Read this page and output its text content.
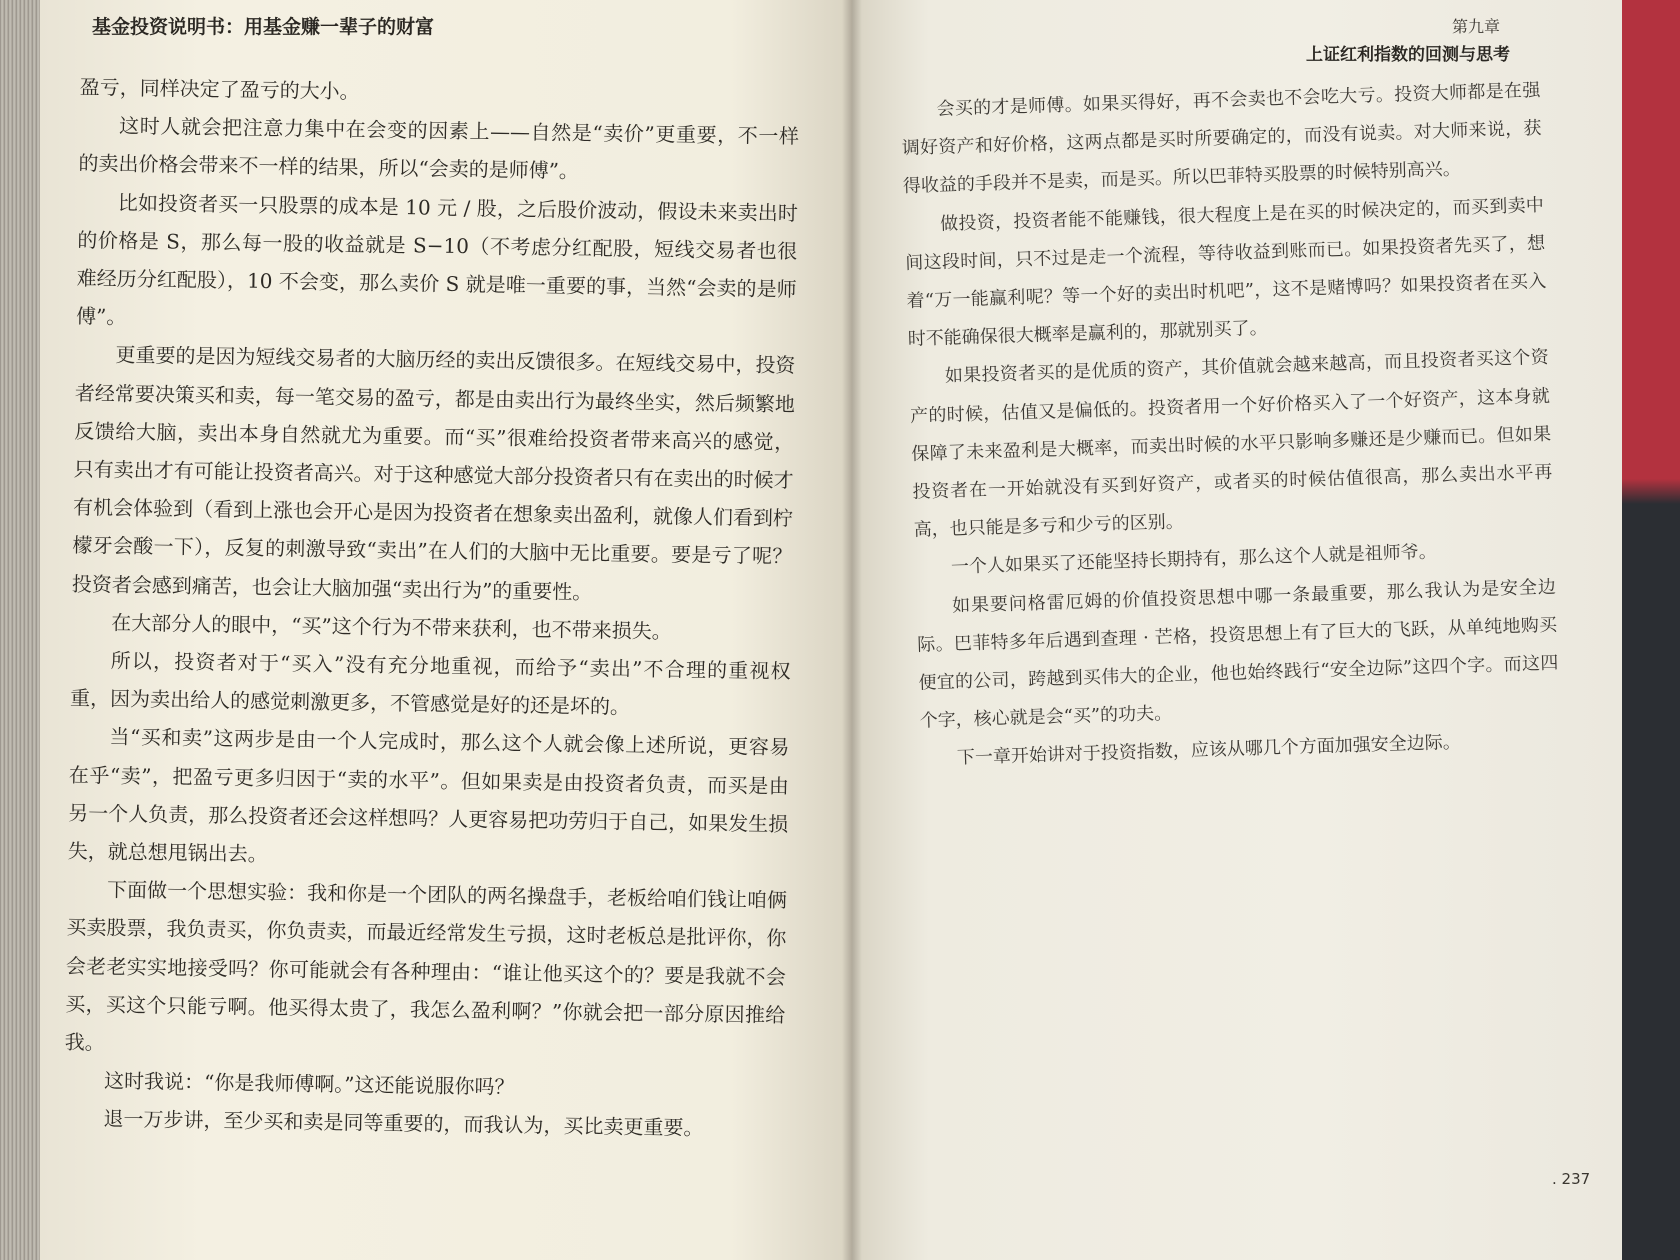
基金投资说明书：用基金赚一辈子的财富	第九章
上证红利指数的回测与思考

盈亏，同样决定了盈亏的大小。

这时人就会把注意力集中在会变的因素上——自然是“卖价”更重要，不一样的卖出价格会带来不一样的结果，所以“会卖的是师傅”。

比如投资者买一只股票的成本是 10 元 / 股，之后股价波动，假设未来卖出时的价格是 S，那么每一股的收益就是 S−10（不考虑分红配股，短线交易者也很难经历分红配股），10 不会变，那么卖价 S 就是唯一重要的事，当然“会卖的是师傅”。

更重要的是因为短线交易者的大脑历经的卖出反馈很多。在短线交易中，投资者经常要决策买和卖，每一笔交易的盈亏，都是由卖出行为最终坐实，然后频繁地反馈给大脑，卖出本身自然就尤为重要。而“买”很难给投资者带来高兴的感觉，只有卖出才有可能让投资者高兴。对于这种感觉大部分投资者只有在卖出的时候才有机会体验到（看到上涨也会开心是因为投资者在想象卖出盈利，就像人们看到柠檬牙会酸一下），反复的刺激导致“卖出”在人们的大脑中无比重要。要是亏了呢？投资者会感到痛苦，也会让大脑加强“卖出行为”的重要性。

在大部分人的眼中，“买”这个行为不带来获利，也不带来损失。

所以，投资者对于“买入”没有充分地重视，而给予“卖出”不合理的重视权重，因为卖出给人的感觉刺激更多，不管感觉是好的还是坏的。

当“买和卖”这两步是由一个人完成时，那么这个人就会像上述所说，更容易在乎“卖”，把盈亏更多归因于“卖的水平”。但如果卖是由投资者负责，而买是由另一个人负责，那么投资者还会这样想吗？人更容易把功劳归于自己，如果发生损失，就总想甩锅出去。

下面做一个思想实验：我和你是一个团队的两名操盘手，老板给咱们钱让咱俩买卖股票，我负责买，你负责卖，而最近经常发生亏损，这时老板总是批评你，你会老老实实地接受吗？你可能就会有各种理由：“谁让他买这个的？要是我就不会买，买这个只能亏啊。他买得太贵了，我怎么盈利啊？”你就会把一部分原因推给我。

这时我说：“你是我师傅啊。”这还能说服你吗？

退一万步讲，至少买和卖是同等重要的，而我认为，买比卖更重要。

会买的才是师傅。如果买得好，再不会卖也不会吃大亏。投资大师都是在强调好资产和好价格，这两点都是买时所要确定的，而没有说卖。对大师来说，获得收益的手段并不是卖，而是买。所以巴菲特买股票的时候特别高兴。

做投资，投资者能不能赚钱，很大程度上是在买的时候决定的，而买到卖中间这段时间，只不过是走一个流程，等待收益到账而已。如果投资者先买了，想着“万一能赢利呢？等一个好的卖出时机吧”，这不是赌博吗？如果投资者在买入时不能确保很大概率是赢利的，那就别买了。

如果投资者买的是优质的资产，其价值就会越来越高，而且投资者买这个资产的时候，估值又是偏低的。投资者用一个好价格买入了一个好资产，这本身就保障了未来盈利是大概率，而卖出时候的水平只影响多赚还是少赚而已。但如果投资者在一开始就没有买到好资产，或者买的时候估值很高，那么卖出水平再高，也只能是多亏和少亏的区别。

一个人如果买了还能坚持长期持有，那么这个人就是祖师爷。

如果要问格雷厄姆的价值投资思想中哪一条最重要，那么我认为是安全边际。巴菲特多年后遇到查理 · 芒格，投资思想上有了巨大的飞跃，从单纯地购买便宜的公司，跨越到买伟大的企业，他也始终践行“安全边际”这四个字。而这四个字，核心就是会“买”的功夫。

下一章开始讲对于投资指数，应该从哪几个方面加强安全边际。

. 237
